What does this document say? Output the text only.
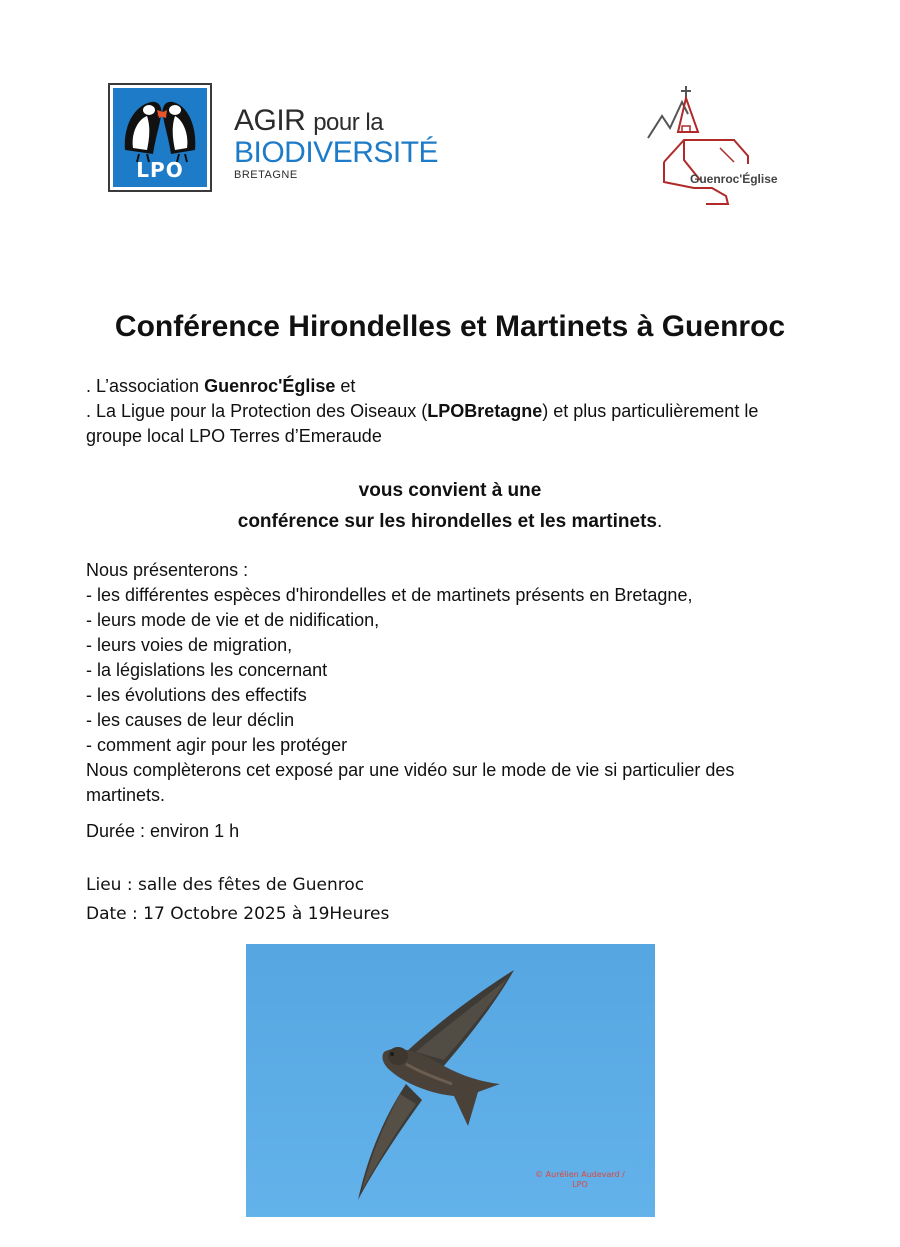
LPO
AGIR pour la
BIODIVERSITÉ
BRETAGNE	Guenroc'Église
Conférence Hirondelles et Martinets à Guenroc

. L’association Guenroc'Église et

. La Ligue pour la Protection des Oiseaux (LPOBretagne) et plus particulièrement le groupe local LPO Terres d’Emeraude

vous convient à une
conférence sur les hirondelles et les martinets.
Nous présenterons :
- les différentes espèces d'hirondelles et de martinets présents en Bretagne,
- leurs mode de vie et de nidification,
- leurs voies de migration,
- la législations les concernant
- les évolutions des effectifs
- les causes de leur déclin
- comment agir pour les protéger
Nous complèterons cet exposé par une vidéo sur le mode de vie si particulier des martinets.
Durée : environ 1 h
Lieu : salle des fêtes de Guenroc
Date : 17 Octobre 2025 à 19Heures
© Aurélien Audevard /
LPO
